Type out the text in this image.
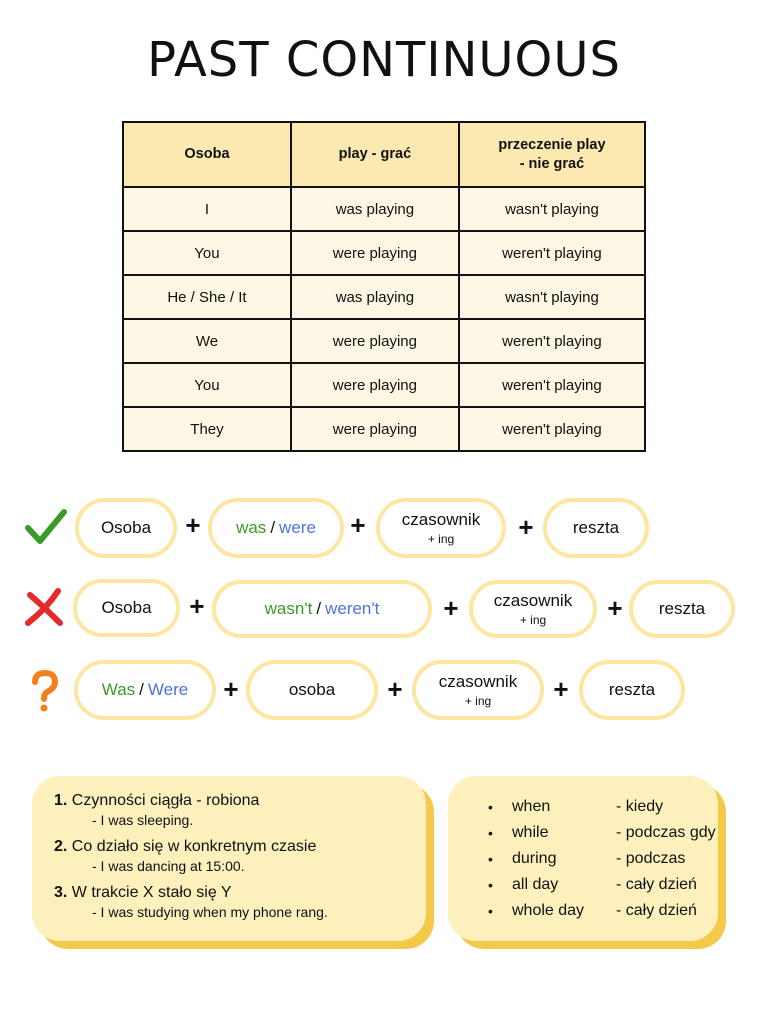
PAST CONTINUOUS
Osoba	play - grać	przeczenie play
- nie grać
I	was playing	wasn't playing
You	were playing	weren't playing
He / She / It	was playing	wasn't playing
We	were playing	weren't playing
You	were playing	weren't playing
They	were playing	weren't playing
Osoba + was / were + czasownik
+ ing + reszta
Osoba +	wasn't / weren't + czasownik
+ ing + reszta
Was / Were +	osoba + czasownik
+ ing + reszta
1. Czynności ciągła - robiona
- I was sleeping.
2. Co działo się w konkretnym czasie
- I was dancing at 15:00.
3. W trakcie X stało się Y
- I was studying when my phone rang.
•	when	- kiedy
•	while	- podczas gdy
•	during	- podczas
•	all day	- cały dzień
•	whole day	- cały dzień
